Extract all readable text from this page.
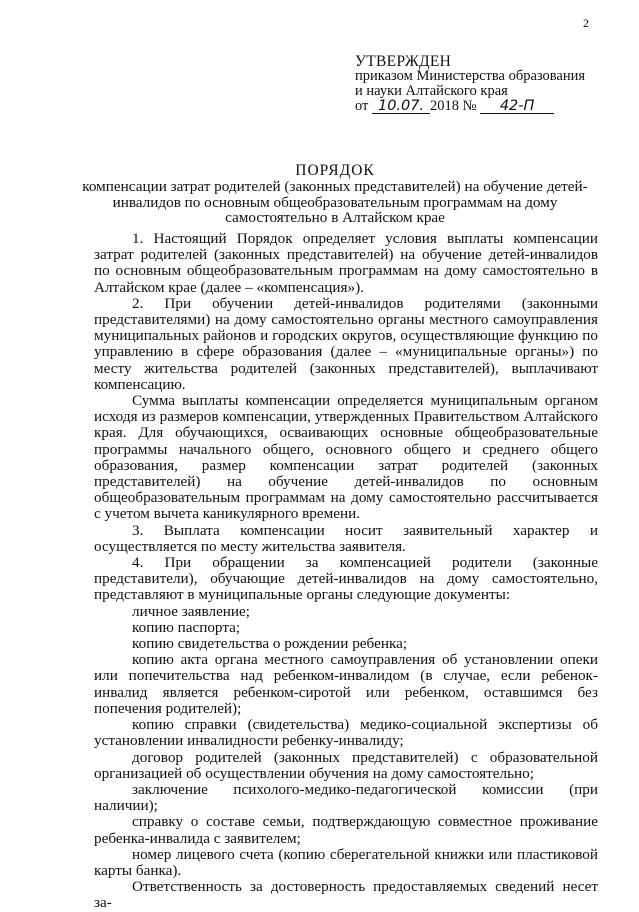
2
УТВЕРЖДЕН
приказом Министерства образования
и науки Алтайского края
от 10.07. 2018 № 42-П
ПОРЯДОК
компенсации затрат родителей (законных представителей) на обучение детей-инвалидов по основным общеобразовательным программам на дому самостоятельно в Алтайском крае

1. Настоящий Порядок определяет условия выплаты компенсации затрат родителей (законных представителей) на обучение детей-инвалидов по основным общеобразовательным программам на дому самостоятельно в Алтайском крае (далее – «компенсация»).

2. При обучении детей-инвалидов родителями (законными представителями) на дому самостоятельно органы местного самоуправления муниципальных районов и городских округов, осуществляющие функцию по управлению в сфере образования (далее – «муниципальные органы») по месту жительства родителей (законных представителей), выплачивают компенсацию.

Сумма выплаты компенсации определяется муниципальным органом исходя из размеров компенсации, утвержденных Правительством Алтайского края. Для обучающихся, осваивающих основные общеобразовательные программы начального общего, основного общего и среднего общего образования, размер компенсации затрат родителей (законных представителей) на обучение детей-инвалидов по основным общеобразовательным программам на дому самостоятельно рассчитывается с учетом вычета каникулярного времени.

3. Выплата компенсации носит заявительный характер и осуществляется по месту жительства заявителя.

4. При обращении за компенсацией родители (законные представители), обучающие детей-инвалидов на дому самостоятельно, представляют в муниципальные органы следующие документы:

личное заявление;

копию паспорта;

копию свидетельства о рождении ребенка;

копию акта органа местного самоуправления об установлении опеки или попечительства над ребенком-инвалидом (в случае, если ребенок-инвалид является ребенком-сиротой или ребенком, оставшимся без попечения родителей);

копию справки (свидетельства) медико-социальной экспертизы об установлении инвалидности ребенку-инвалиду;

договор родителей (законных представителей) с образовательной организацией об осуществлении обучения на дому самостоятельно;

заключение психолого-медико-педагогической комиссии (при наличии);

справку о составе семьи, подтверждающую совместное проживание ребенка-инвалида с заявителем;

номер лицевого счета (копию сберегательной книжки или пластиковой карты банка).

Ответственность за достоверность предоставляемых сведений несет за-
